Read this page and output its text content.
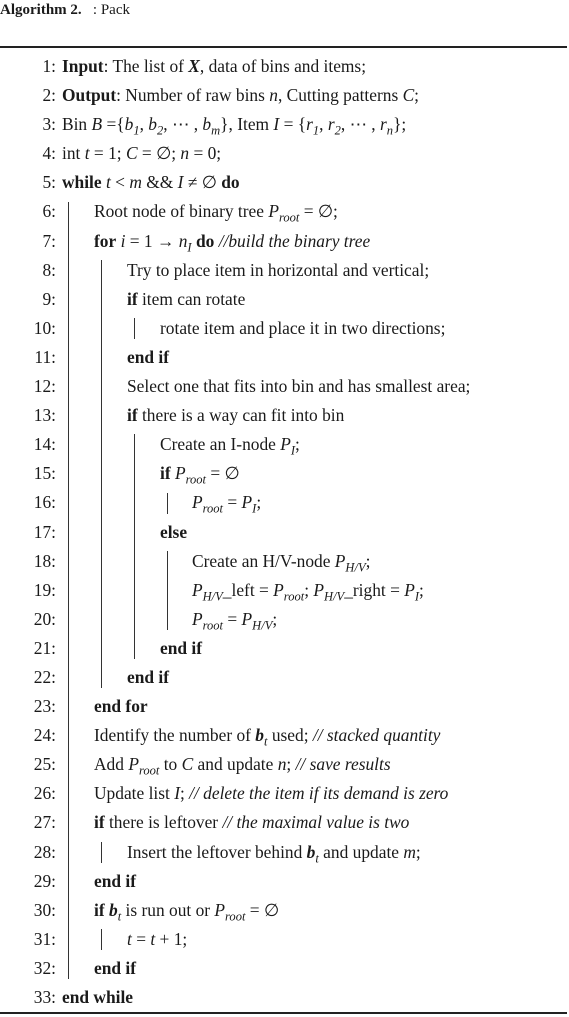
Algorithm 2. : Pack
1: Input: The list of X, data of bins and items;
2: Output: Number of raw bins n, Cutting patterns C;
3: Bin $B =\{b_1$, $b_2$, ⋯ , $b_m$}, Item $I = \{r_1$, $r_2$, ⋯ , $r_n$};
4: int t = 1; C = ∅; n = 0;
5: while t < m && I ≠ ∅ do
6: Root node of binary tree $P_{root}$ = ∅;
7: for $i = 1 \to n_I$ do //build the binary tree
8:	Try to place item in horizontal and vertical;
9:	if item can rotate
10:	rotate item and place it in two directions;
11:	end if
12:	Select one that fits into bin and has smallest area;
13:	if there is a way can fit into bin
14:	Create an I-node $P_I$;
15:	if $P_{root}$ = ∅
16:	$P_{root} = P_I$;
17:	else
18:	Create an H/V-node $P_{H/V}$;
19:	$P_{H/V}\_left = P_{root}$; $P_{H/V}\_right = P_I$;
20:	$P_{root} = P_{H/V}$;
21:	end if
22:	end if
23: end for
24: Identify the number of $b_t$ used; // stacked quantity
25: Add $P_{root}$ to C and update n; // save results
26: Update list I; // delete the item if its demand is zero
27: if there is leftover // the maximal value is two
28:	Insert the leftover behind $b_t$ and update m;
29: end if
30: if $b_t$ is run out or $P_{root}$ = ∅
31:	t = t + 1;
32: end if
33: end while
